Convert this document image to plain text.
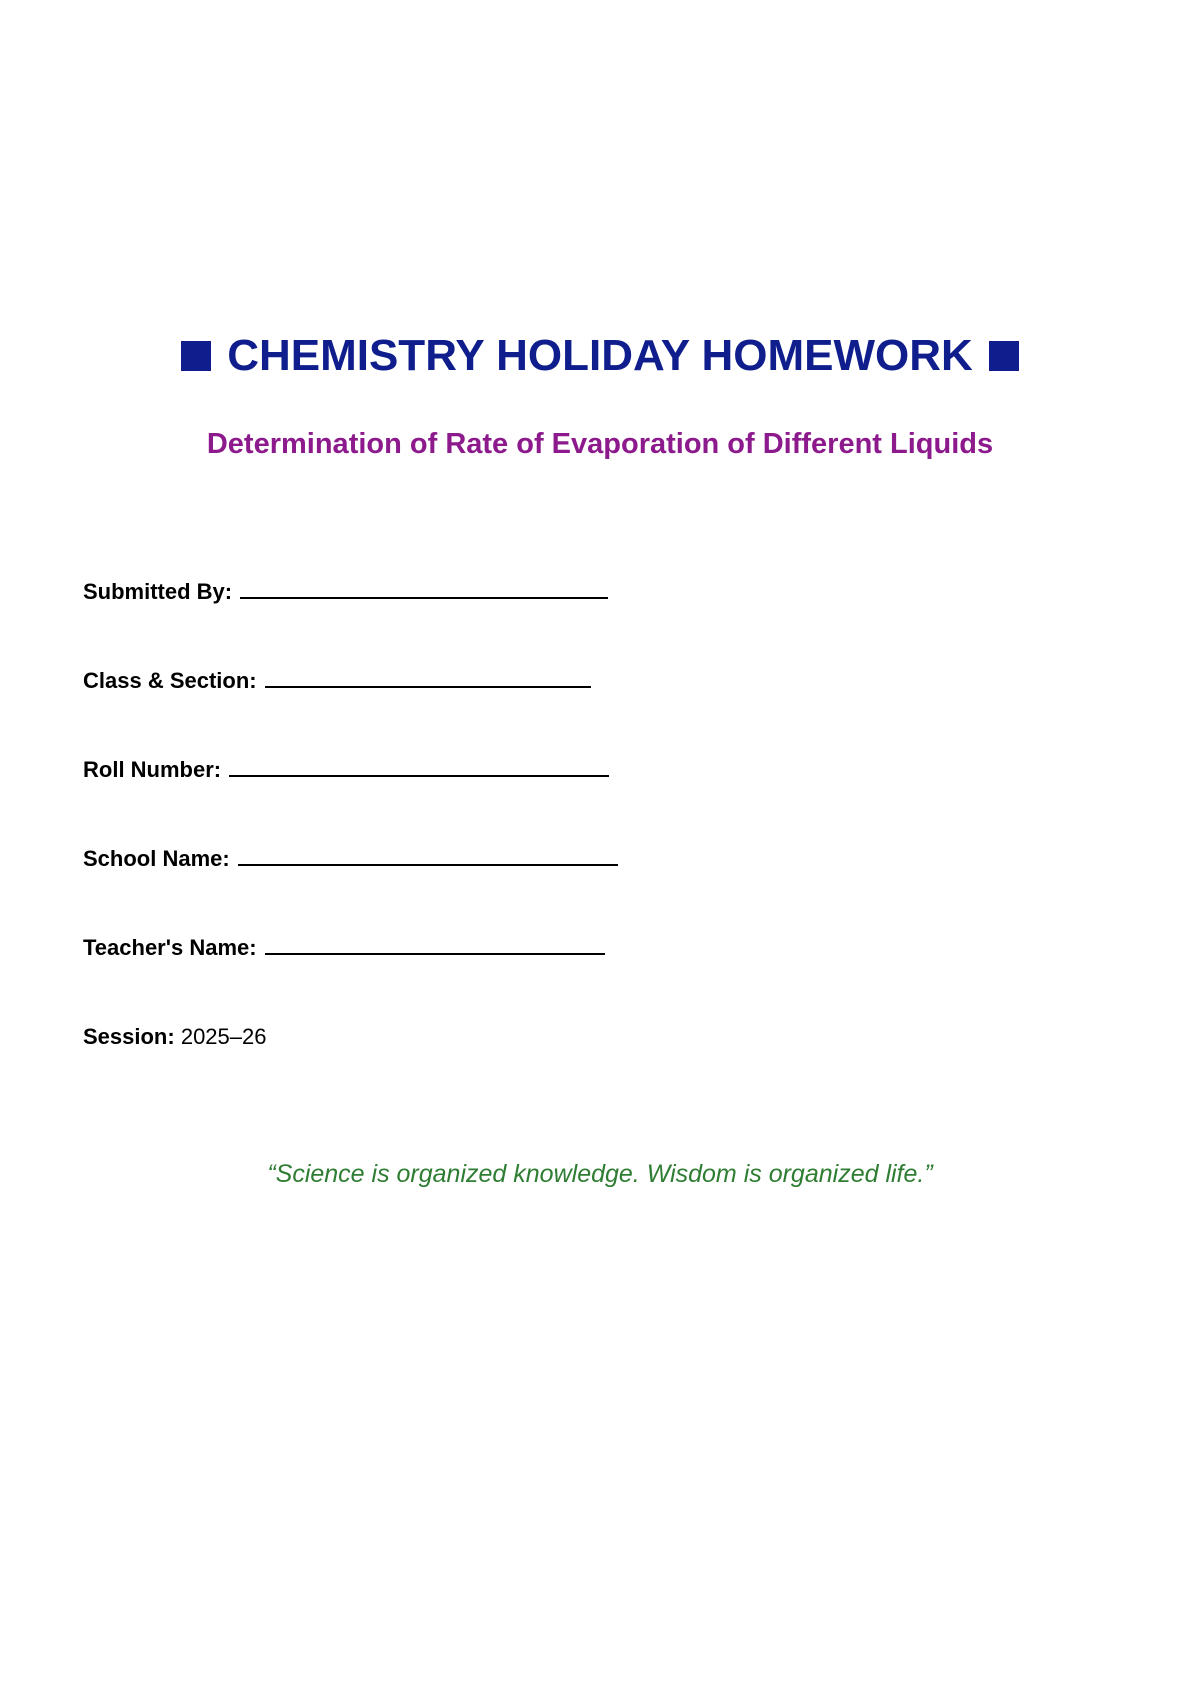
CHEMISTRY HOLIDAY HOMEWORK
Determination of Rate of Evaporation of Different Liquids
Submitted By:
Class & Section:
Roll Number:
School Name:
Teacher's Name:
Session: 2025–26
“Science is organized knowledge. Wisdom is organized life.”
